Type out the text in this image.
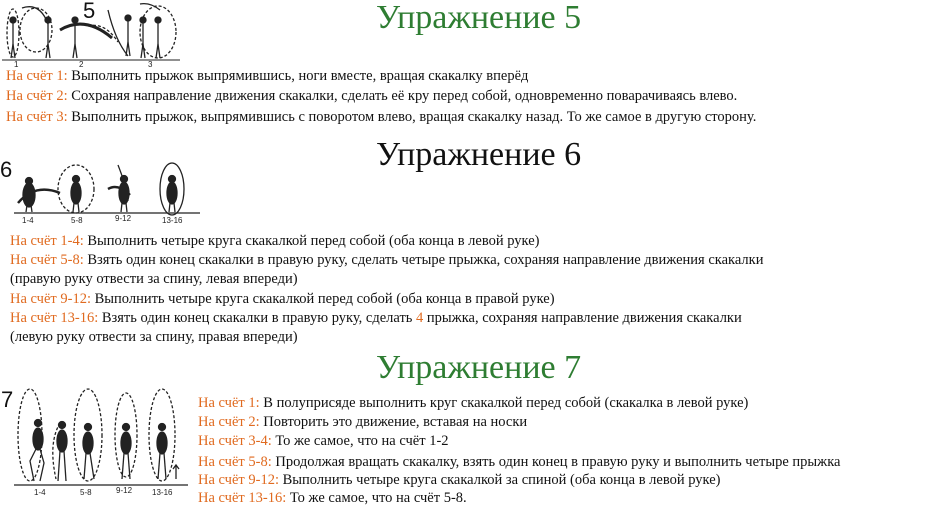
5
1	2	3
Упражнение 5
На счёт 1: Выполнить прыжок выпрямившись, ноги вместе, вращая скакалку вперёд
На счёт 2: Сохраняя направление движения скакалки, сделать её кру перед собой, одновременно поварачиваясь влево.
На счёт 3: Выполнить прыжок, выпрямившись с поворотом влево, вращая скакалку назад. То же самое в другую сторону.
6
1-4	5-8	9-12	13-16
Упражнение 6
На счёт 1-4: Выполнить четыре круга скакалкой перед собой (оба конца в левой руке)
На счёт 5-8: Взять один конец скакалки в правую руку, сделать четыре прыжка, сохраняя направление движения скакалки
(правую руку отвести за спину, левая впереди)
На счёт 9-12: Выполнить четыре круга скакалкой перед собой (оба конца в правой руке)
На счёт 13-16: Взять один конец скакалки в правую руку, сделать 4 прыжка, сохраняя направление движения скакалки
(левую руку отвести за спину, правая впереди)
Упражнение 7
7
1-4	5-8	9-12 13-16
На счёт 1: В полуприсяде выполнить круг скакалкой перед собой (скакалка в левой руке)
На счёт 2: Повторить это движение, вставая на носки
На счёт 3-4: То же самое, что на счёт 1-2
На счёт 5-8: Продолжая вращать скакалку, взять один конец в правую руку и выполнить четыре прыжка
На счёт 9-12: Выполнить четыре круга скакалкой за спиной (оба конца в левой руке)
На счёт 13-16: То же самое, что на счёт 5-8.
